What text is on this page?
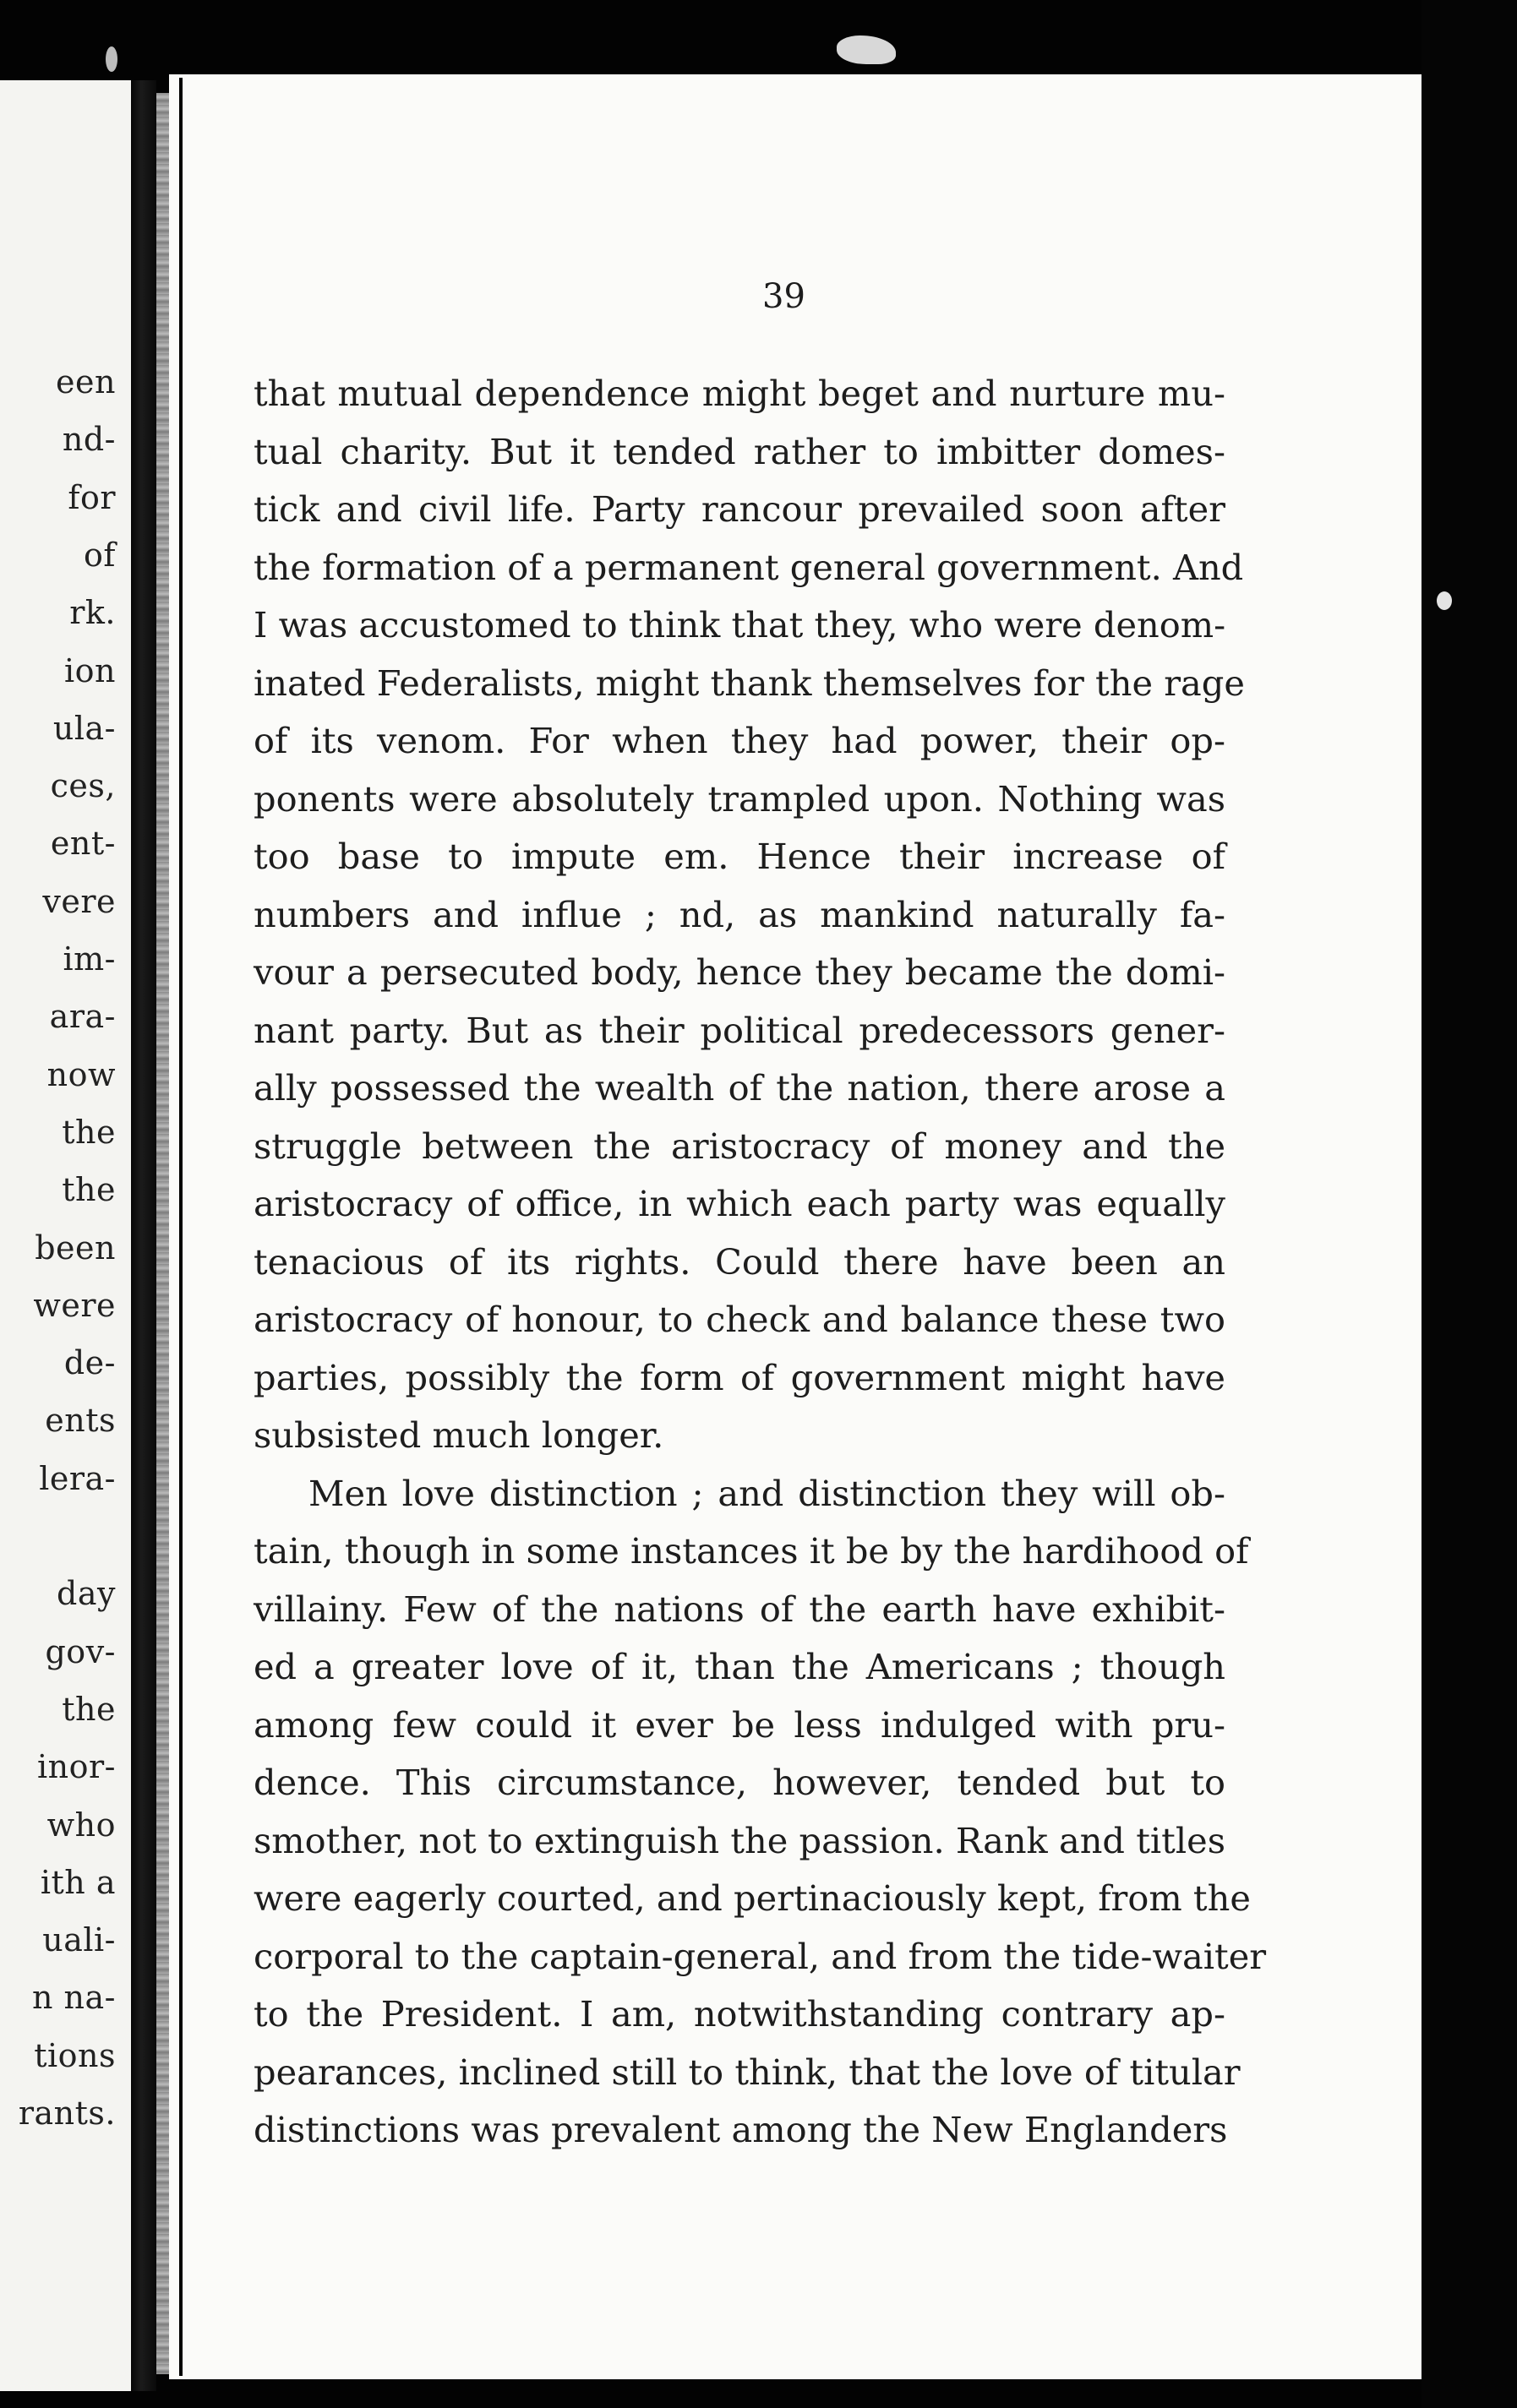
een
nd-
for
of
rk.
ion
ula-
ces,
ent-
vere
im-
ara-
now
the
the
been
were
de-
ents
lera-
day
gov-
the
inor-
who
ith a
uali-
n na-
tions
rants.
39
that mutual dependence might beget and nurture mu-
tual charity. But it tended rather to imbitter domes-
tick and civil life. Party rancour prevailed soon after
the formation of a permanent general government. And
I was accustomed to think that they, who were denom-
inated Federalists, might thank themselves for the rage
of its venom. For when they had power, their op-
ponents were absolutely trampled upon. Nothing was
too base to impute em. Hence their increase of
numbers and influe ; nd, as mankind naturally fa-
vour a persecuted body, hence they became the domi-
nant party. But as their political predecessors gener-
ally possessed the wealth of the nation, there arose a
struggle between the aristocracy of money and the
aristocracy of office, in which each party was equally
tenacious of its rights. Could there have been an
aristocracy of honour, to check and balance these two
parties, possibly the form of government might have
subsisted much longer.
Men love distinction ; and distinction they will ob-
tain, though in some instances it be by the hardihood of
villainy. Few of the nations of the earth have exhibit-
ed a greater love of it, than the Americans ; though
among few could it ever be less indulged with pru-
dence. This circumstance, however, tended but to
smother, not to extinguish the passion. Rank and titles
were eagerly courted, and pertinaciously kept, from the
corporal to the captain-general, and from the tide-waiter
to the President. I am, notwithstanding contrary ap-
pearances, inclined still to think, that the love of titular
distinctions was prevalent among the New Englanders
